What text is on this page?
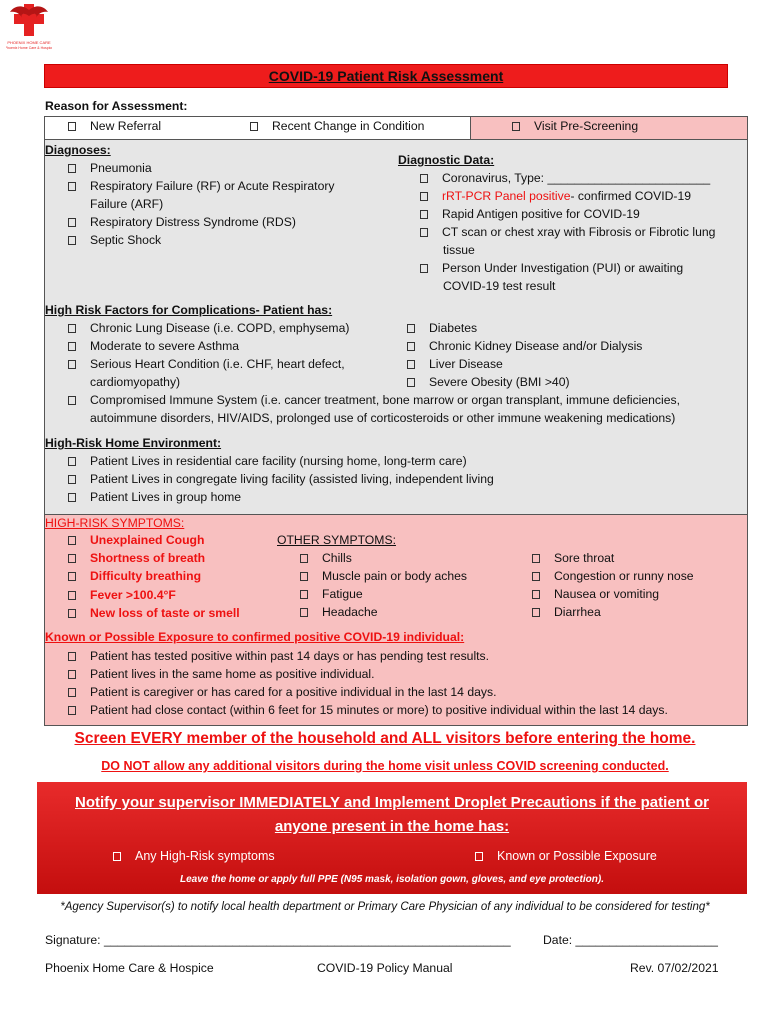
PHOENIX HOME CARE
Phoenix Home Care & Hospice
COVID-19 Patient Risk Assessment
Reason for Assessment:
New Referral	Recent Change in Condition	Visit Pre-Screening
Diagnoses:
Pneumonia
Respiratory Failure (RF) or Acute Respiratory
Failure (ARF)
Respiratory Distress Syndrome (RDS)
Septic Shock
Diagnostic Data:
Coronavirus, Type: ________________________
rRT-PCR Panel positive- confirmed COVID-19
Rapid Antigen positive for COVID-19
CT scan or chest xray with Fibrosis or Fibrotic lung
tissue
Person Under Investigation (PUI) or awaiting
COVID-19 test result
High Risk Factors for Complications- Patient has:
Chronic Lung Disease (i.e. COPD, emphysema)
Moderate to severe Asthma
Serious Heart Condition (i.e. CHF, heart defect,
cardiomyopathy)
Diabetes
Chronic Kidney Disease and/or Dialysis
Liver Disease
Severe Obesity (BMI >40)
Compromised Immune System (i.e. cancer treatment, bone marrow or organ transplant, immune deficiencies,
autoimmune disorders, HIV/AIDS, prolonged use of corticosteroids or other immune weakening medications)
High-Risk Home Environment:
Patient Lives in residential care facility (nursing home, long-term care)
Patient Lives in congregate living facility (assisted living, independent living
Patient Lives in group home
HIGH-RISK SYMPTOMS:
Unexplained Cough
Shortness of breath
Difficulty breathing
Fever >100.4°F
New loss of taste or smell
OTHER SYMPTOMS:
Chills
Muscle pain or body aches
Fatigue
Headache
Sore throat
Congestion or runny nose
Nausea or vomiting
Diarrhea
Known or Possible Exposure to confirmed positive COVID-19 individual:
Patient has tested positive within past 14 days or has pending test results.
Patient lives in the same home as positive individual.
Patient is caregiver or has cared for a positive individual in the last 14 days.
Patient had close contact (within 6 feet for 15 minutes or more) to positive individual within the last 14 days.
Screen EVERY member of the household and ALL visitors before entering the home.
DO NOT allow any additional visitors during the home visit unless COVID screening conducted.
Notify your supervisor IMMEDIATELY and Implement Droplet Precautions if the patient or
anyone present in the home has:
Any High-Risk symptoms	Known or Possible Exposure
Leave the home or apply full PPE (N95 mask, isolation gown, gloves, and eye protection).
*Agency Supervisor(s) to notify local health department or Primary Care Physician of any individual to be considered for testing*
Signature: ____________________________________________________________	Date: _____________________
Phoenix Home Care & Hospice	COVID-19 Policy Manual	Rev. 07/02/2021
